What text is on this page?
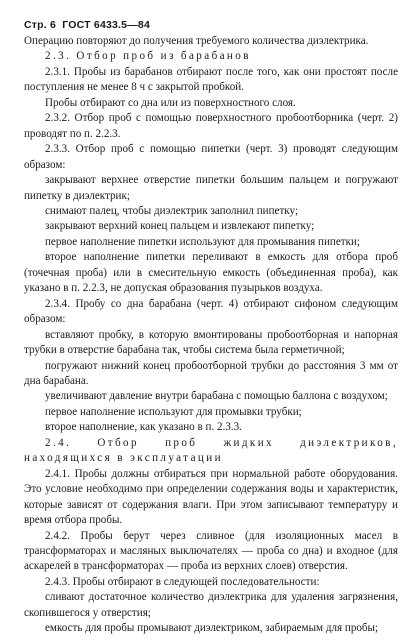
Стр. 6 ГОСТ 6433.5—84

Операцию повторяют до получения требуемого количества диэлектрика.

2.3. Отбор проб из барабанов

2.3.1. Пробы из барабанов отбирают после того, как они простоят после поступления не менее 8 ч с закрытой пробкой.

Пробы отбирают со дна или из поверхностного слоя.

2.3.2. Отбор проб с помощью поверхностного пробоотборника (черт. 2) проводят по п. 2.2.3.

2.3.3. Отбор проб с помощью пипетки (черт. 3) проводят следующим образом:

закрывают верхнее отверстие пипетки большим пальцем и погружают пипетку в диэлектрик;

снимают палец, чтобы диэлектрик заполнил пипетку;

закрывают верхний конец пальцем и извлекают пипетку;

первое наполнение пипетки используют для промывания пипетки;

второе наполнение пипетки переливают в емкость для отбора проб (точечная проба) или в смесительную емкость (объединенная проба), как указано в п. 2.2.3, не допуская образования пузырьков воздуха.

2.3.4. Пробу со дна барабана (черт. 4) отбирают сифоном следующим образом:

вставляют пробку, в которую вмонтированы пробоотборная и напорная трубки в отверстие барабана так, чтобы система была герметичной;

погружают нижний конец пробоотборной трубки до расстояния 3 мм от дна барабана.

увеличивают давление внутри барабана с помощью баллона с воздухом;

первое наполнение используют для промывки трубки;

второе наполнение, как указано в п. 2.3.3.

2.4. Отбор проб жидких диэлектриков, находящихся в эксплуатации

2.4.1. Пробы должны отбираться при нормальной работе оборудования. Это условие необходимо при определении содержания воды и характеристик, которые зависят от содержания влаги. При этом записывают температуру и время отбора пробы.

2.4.2. Пробы берут через сливное (для изоляционных масел в трансформаторах и масляных выключателях — проба со дна) и входное (для аскарелей в трансформаторах — проба из верхних слоев) отверстия.

2.4.3. Пробы отбирают в следующей последовательности:

сливают достаточное количество диэлектрика для удаления загрязнения, скопившегося у отверстия;

емкость для пробы промывают диэлектриком, забираемым для пробы;
